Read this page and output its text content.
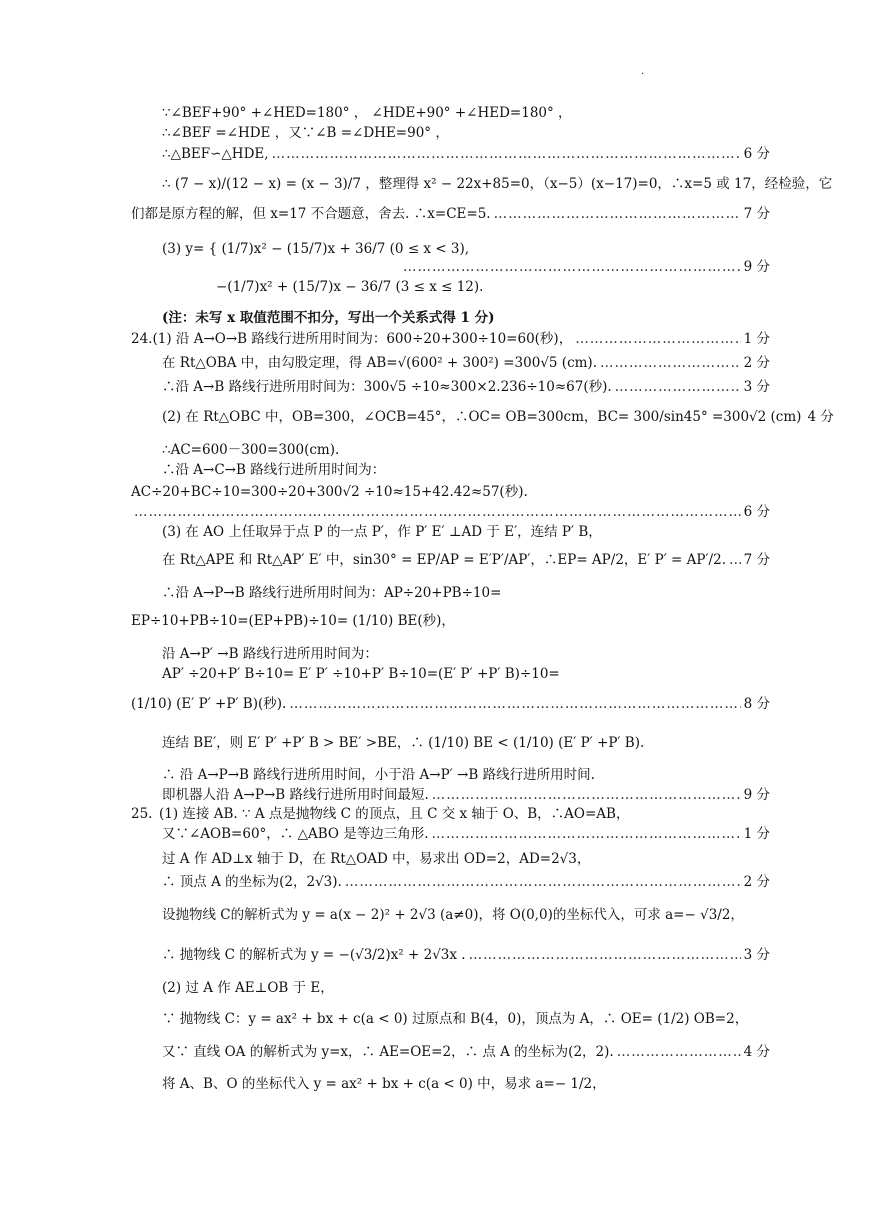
.
∵∠BEF+90° +∠HED=180° ， ∠HDE+90° +∠HED=180° ，
∴∠BEF =∠HDE ，又∵∠B =∠DHE=90° ，
∴△BEF∽△HDE, ……………………………………………………………………………………………………………………………………………………………………………………………………………………………………	6 分
∴ (7 − x)/(12 − x) = (x − 3)/7 ，整理得 x² − 22x+85=0，（x−5）(x−17)=0，∴x=5 或 17，经检验，它
们都是原方程的解，但 x=17 不合题意，舍去. ∴x=CE=5. ……………………………………………………………………………………………………………………………………………………………………………………………………………………………………	7 分
(3) y= { (1/7)x² − (15/7)x + 36/7 (0 ≤ x < 3),
−(1/7)x² + (15/7)x − 36/7 (3 ≤ x ≤ 12).
……………………………………………………………………………………………………………………………………………………………………………………………………………………………………
9 分
(注：未写 x 取值范围不扣分，写出一个关系式得 1 分)
24. (1) 沿 A→O→B 路线行进所用时间为：600÷20+300÷10=60(秒)， ……………………………………………………………………………………………………………………………………………………………………………………………………………………………………	1 分
在 Rt△OBA 中，由勾股定理，得 AB=√(600² + 300²) =300√5 (cm). ……………………………………………………………………………………………………………………………………………………………………………………………………………………………………	2 分
∴沿 A→B 路线行进所用时间为：300√5 ÷10≈300×2.236÷10≈67(秒). ……………………………………………………………………………………………………………………………………………………………………………………………………………………………………	3 分
(2) 在 Rt△OBC 中，OB=300，∠OCB=45°，∴OC= OB=300cm，BC= 300/sin45° =300√2 (cm) 4 分
∴AC=600－300=300(cm).
∴沿 A→C→B 路线行进所用时间为：
AC÷20+BC÷10=300÷20+300√2 ÷10≈15+42.42≈57(秒).
……………………………………………………………………………………………………………………………………………………………………………………………………………………………………
6 分
(3) 在 AO 上任取异于点 P 的一点 P′，作 P′ E′ ⊥AD 于 E′，连结 P′ B，
在 Rt△APE 和 Rt△AP′ E′ 中，sin30° = EP/AP = E′P′/AP′，∴EP= AP/2，E′ P′ = AP′/2. …………………………………………………………………………………………………………………………………………………………………………………………………………………………………… 7 分
∴沿 A→P→B 路线行进所用时间为：AP÷20+PB÷10=
EP÷10+PB÷10=(EP+PB)÷10= (1/10) BE(秒)，
沿 A→P′ →B 路线行进所用时间为：
AP′ ÷20+P′ B÷10= E′ P′ ÷10+P′ B÷10=(E′ P′ +P′ B)÷10=
(1/10) (E′ P′ +P′ B)(秒). ……………………………………………………………………………………………………………………………………………………………………………………………………………………………………	8 分
连结 BE′，则 E′ P′ +P′ B > BE′ >BE，∴ (1/10) BE < (1/10) (E′ P′ +P′ B).
∴ 沿 A→P→B 路线行进所用时间，小于沿 A→P′ →B 路线行进所用时间.
即机器人沿 A→P→B 路线行进所用时间最短. ……………………………………………………………………………………………………………………………………………………………………………………………………………………………………	9 分
25. (1) 连接 AB. ∵ A 点是抛物线 C 的顶点，且 C 交 x 轴于 O、B，∴AO=AB，
又∵∠AOB=60°，∴ △ABO 是等边三角形. ……………………………………………………………………………………………………………………………………………………………………………………………………………………………………	1 分
过 A 作 AD⊥x 轴于 D，在 Rt△OAD 中，易求出 OD=2，AD=2√3，
∴ 顶点 A 的坐标为(2，2√3). ……………………………………………………………………………………………………………………………………………………………………………………………………………………………………	2 分
设抛物线 C的解析式为 y = a(x − 2)² + 2√3 (a≠0)，将 O(0,0)的坐标代入，可求 a=− √3/2，
∴ 抛物线 C 的解析式为 y = −(√3/2)x² + 2√3x . ……………………………………………………………………………………………………………………………………………………………………………………………………………………………………	3 分
(2) 过 A 作 AE⊥OB 于 E，
∵ 抛物线 C：y = ax² + bx + c(a < 0) 过原点和 B(4，0)，顶点为 A，∴ OE= (1/2) OB=2，
又∵ 直线 OA 的解析式为 y=x，∴ AE=OE=2，∴ 点 A 的坐标为(2，2). ……………………………………………………………………………………………………………………………………………………………………………………………………………………………………	4 分
将 A、B、O 的坐标代入 y = ax² + bx + c(a < 0) 中，易求 a=− 1/2，
